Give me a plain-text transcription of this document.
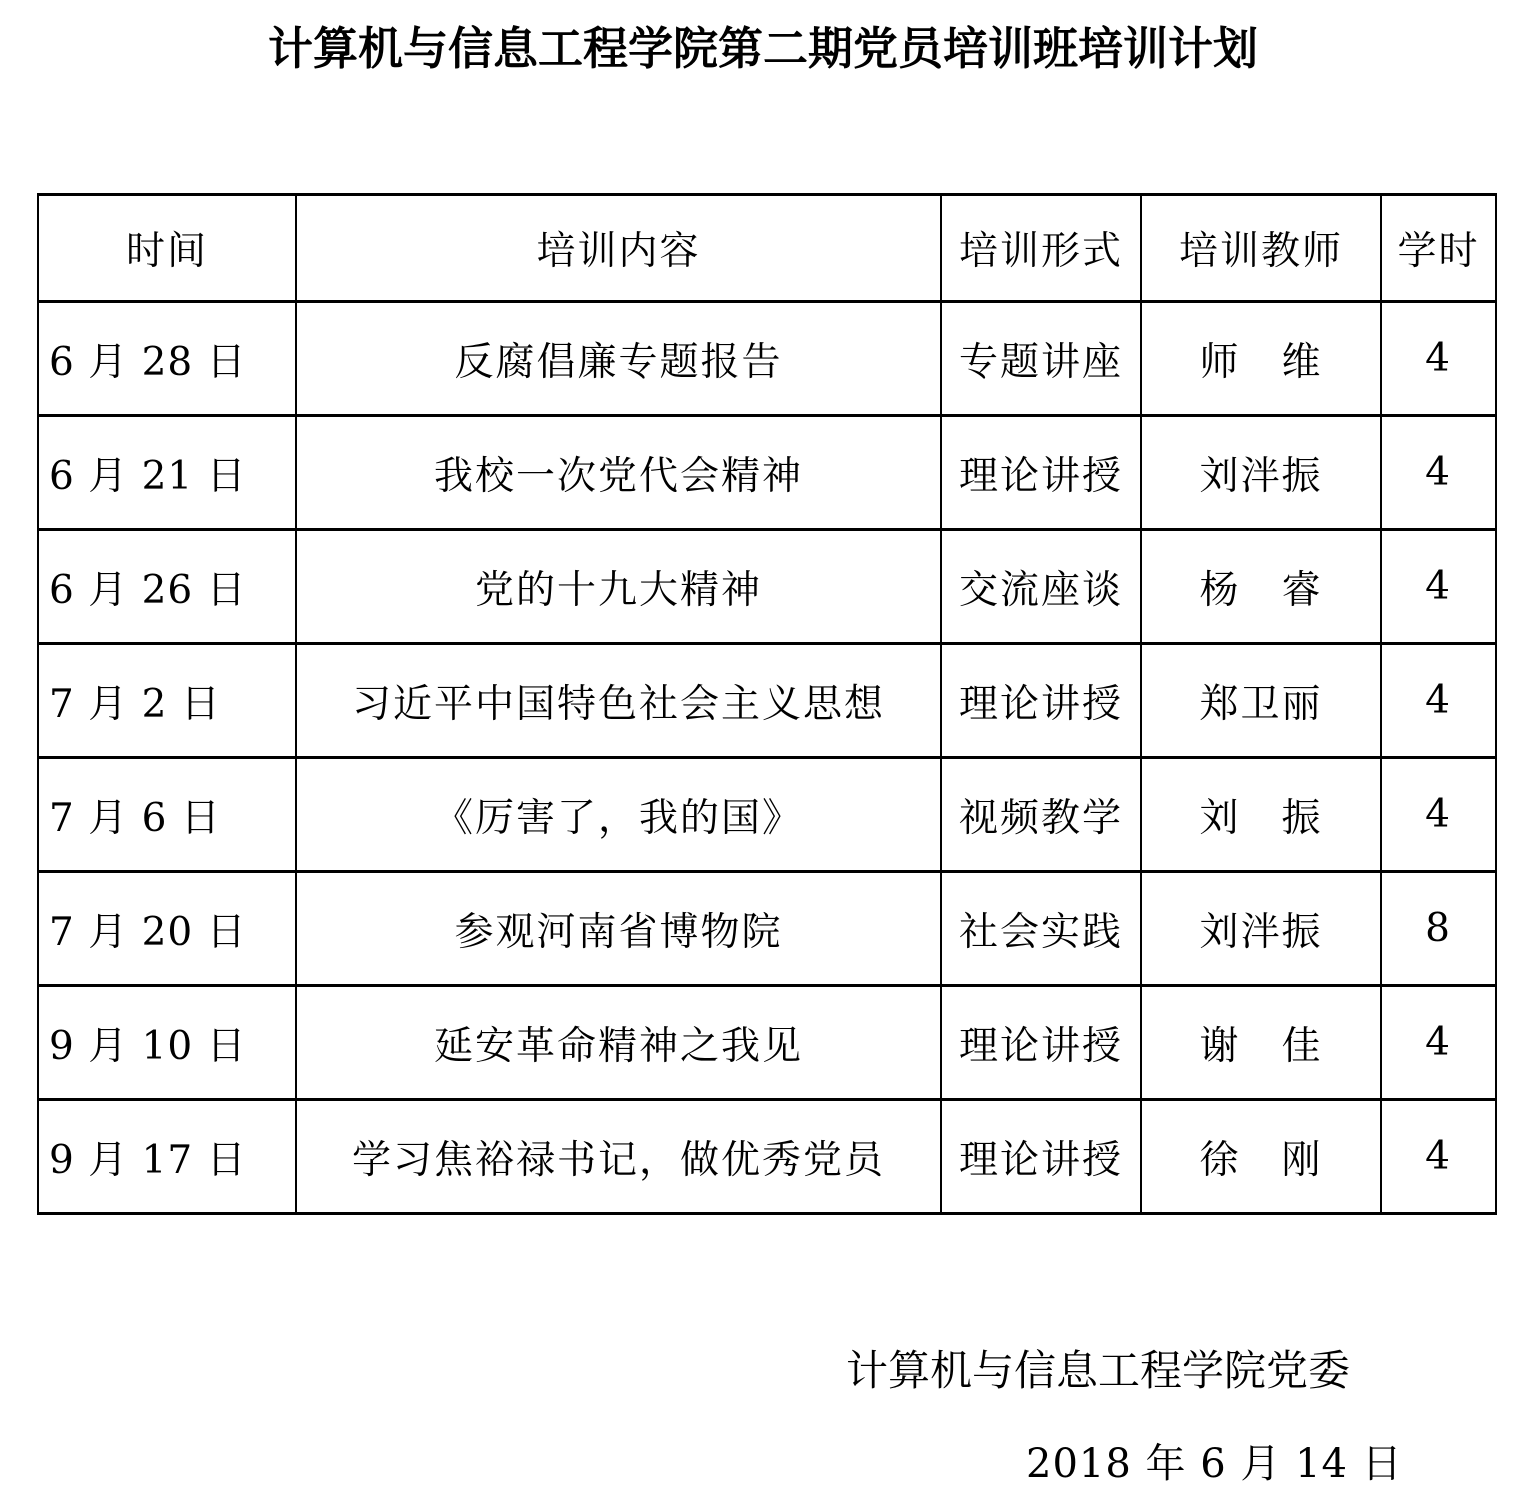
计算机与信息工程学院第二期党员培训班培训计划
时间	培训内容	培训形式	培训教师	学时
6 月 28 日	反腐倡廉专题报告	专题讲座	师　维	4
6 月 21 日	我校一次党代会精神	理论讲授	刘泮振	4
6 月 26 日	党的十九大精神	交流座谈	杨　睿	4
7 月 2 日	习近平中国特色社会主义思想	理论讲授	郑卫丽	4
7 月 6 日	《厉害了，我的国》	视频教学	刘　振	4
7 月 20 日	参观河南省博物院	社会实践	刘泮振	8
9 月 10 日	延安革命精神之我见	理论讲授	谢　佳	4
9 月 17 日	学习焦裕禄书记，做优秀党员	理论讲授	徐　刚	4
计算机与信息工程学院党委
2018 年 6 月 14 日
